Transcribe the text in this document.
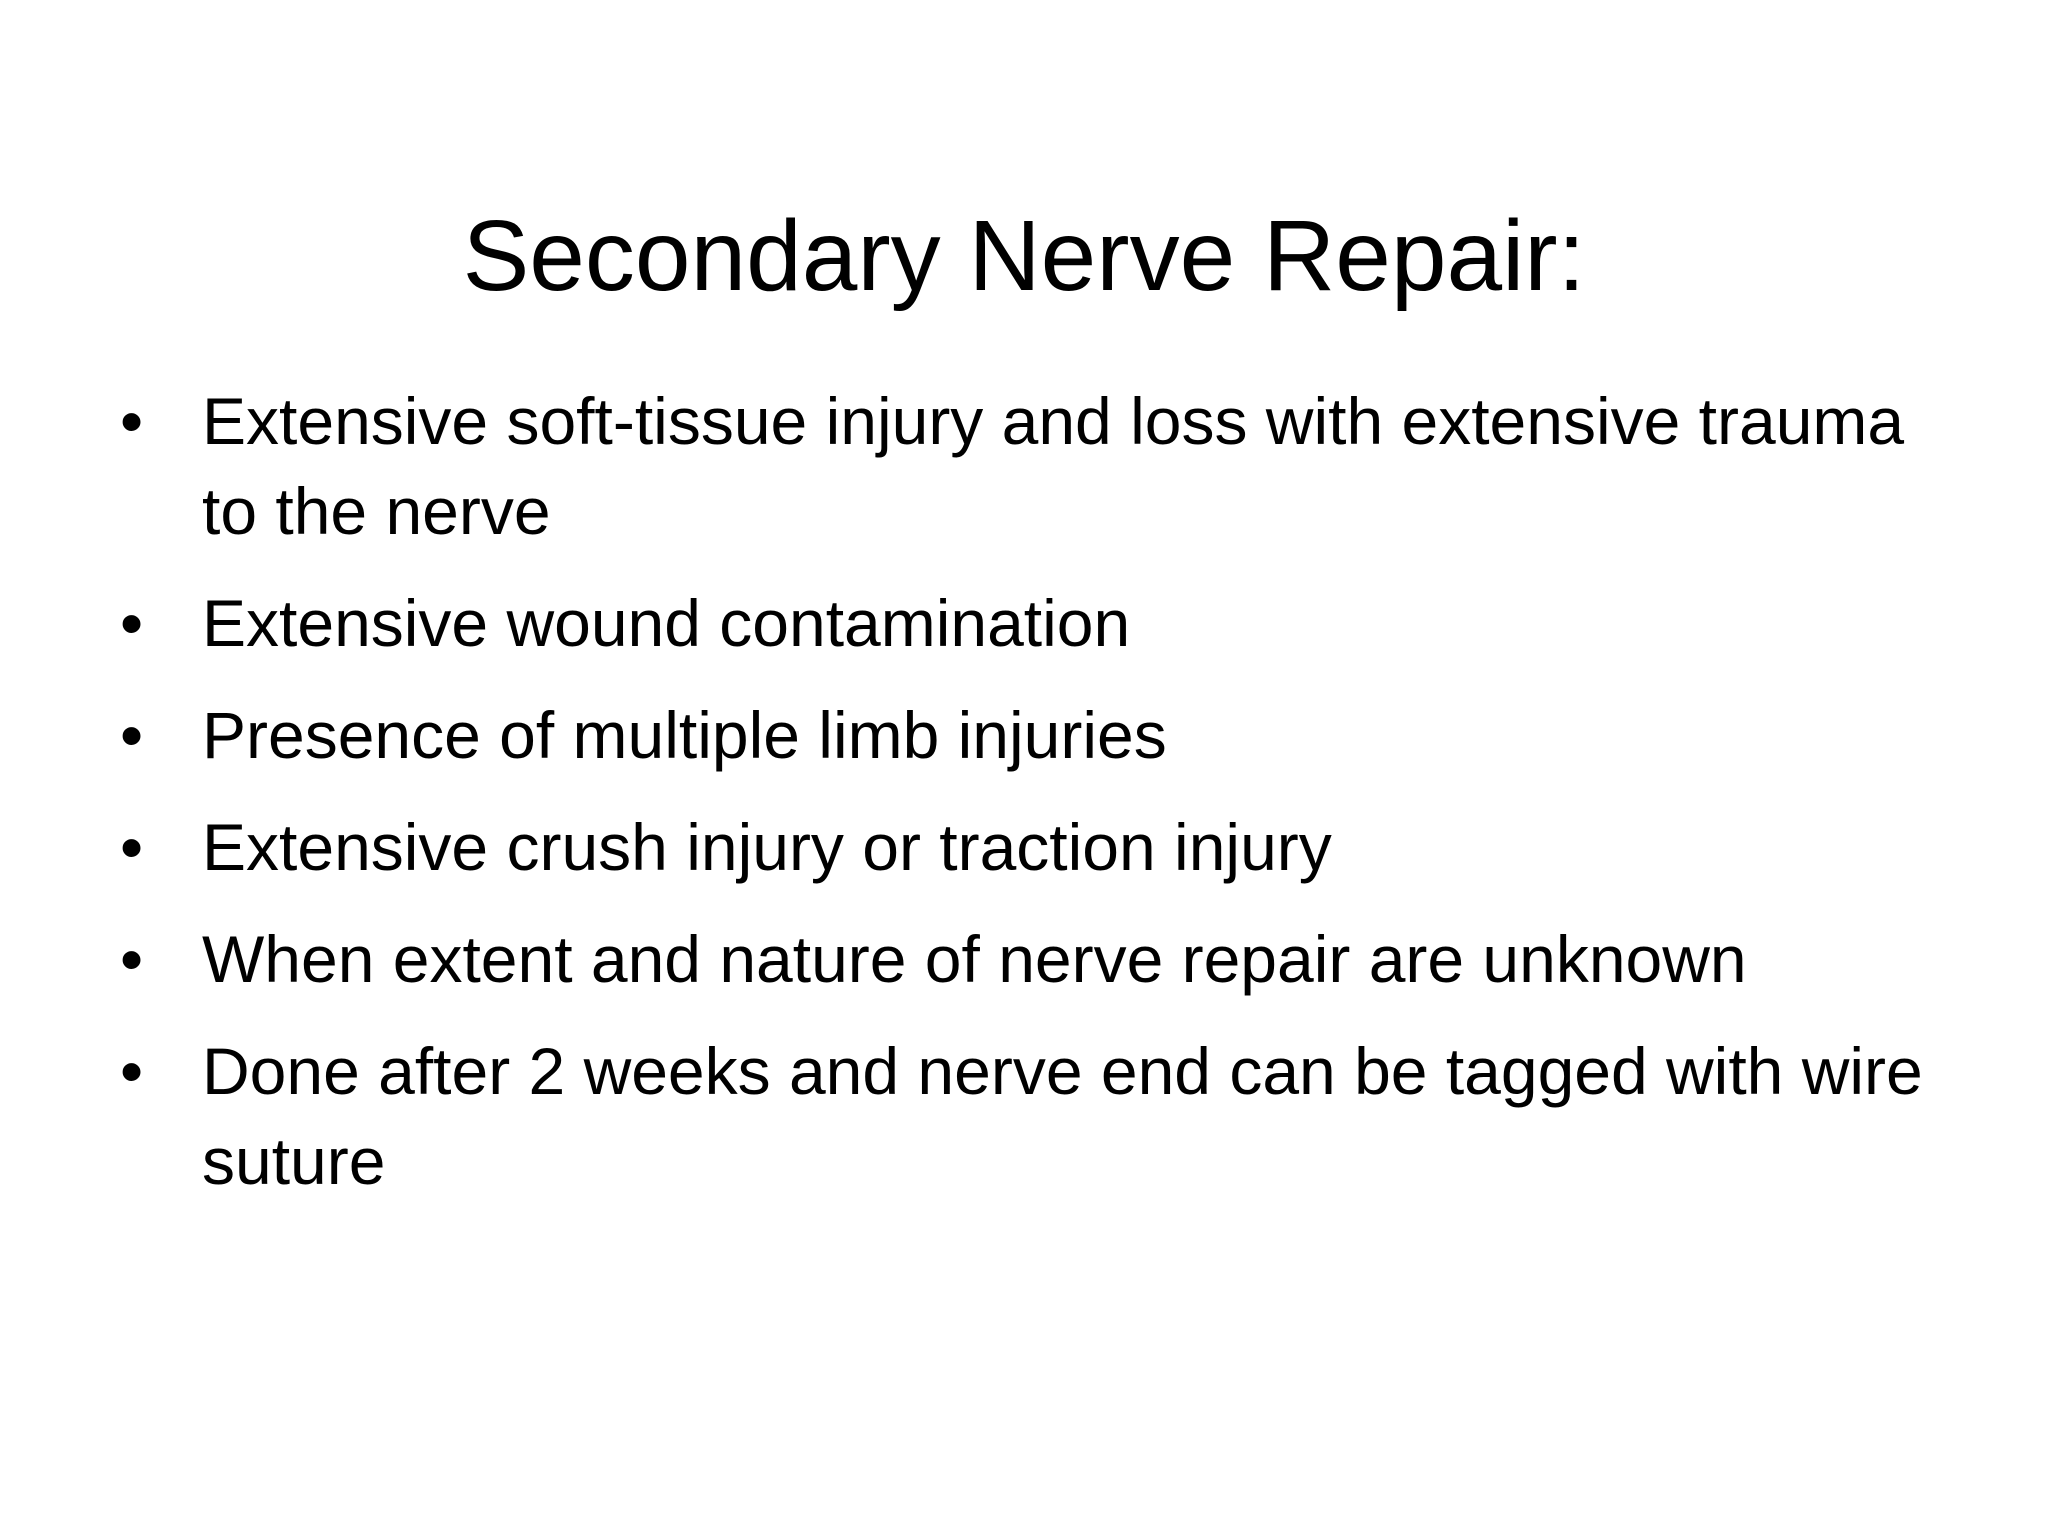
Secondary Nerve Repair:
• Extensive soft-tissue injury and loss with extensive trauma to the nerve
• Extensive wound contamination
• Presence of multiple limb injuries
• Extensive crush injury or traction injury
• When extent and nature of nerve repair are unknown
• Done after 2 weeks and nerve end can be tagged with wire suture
